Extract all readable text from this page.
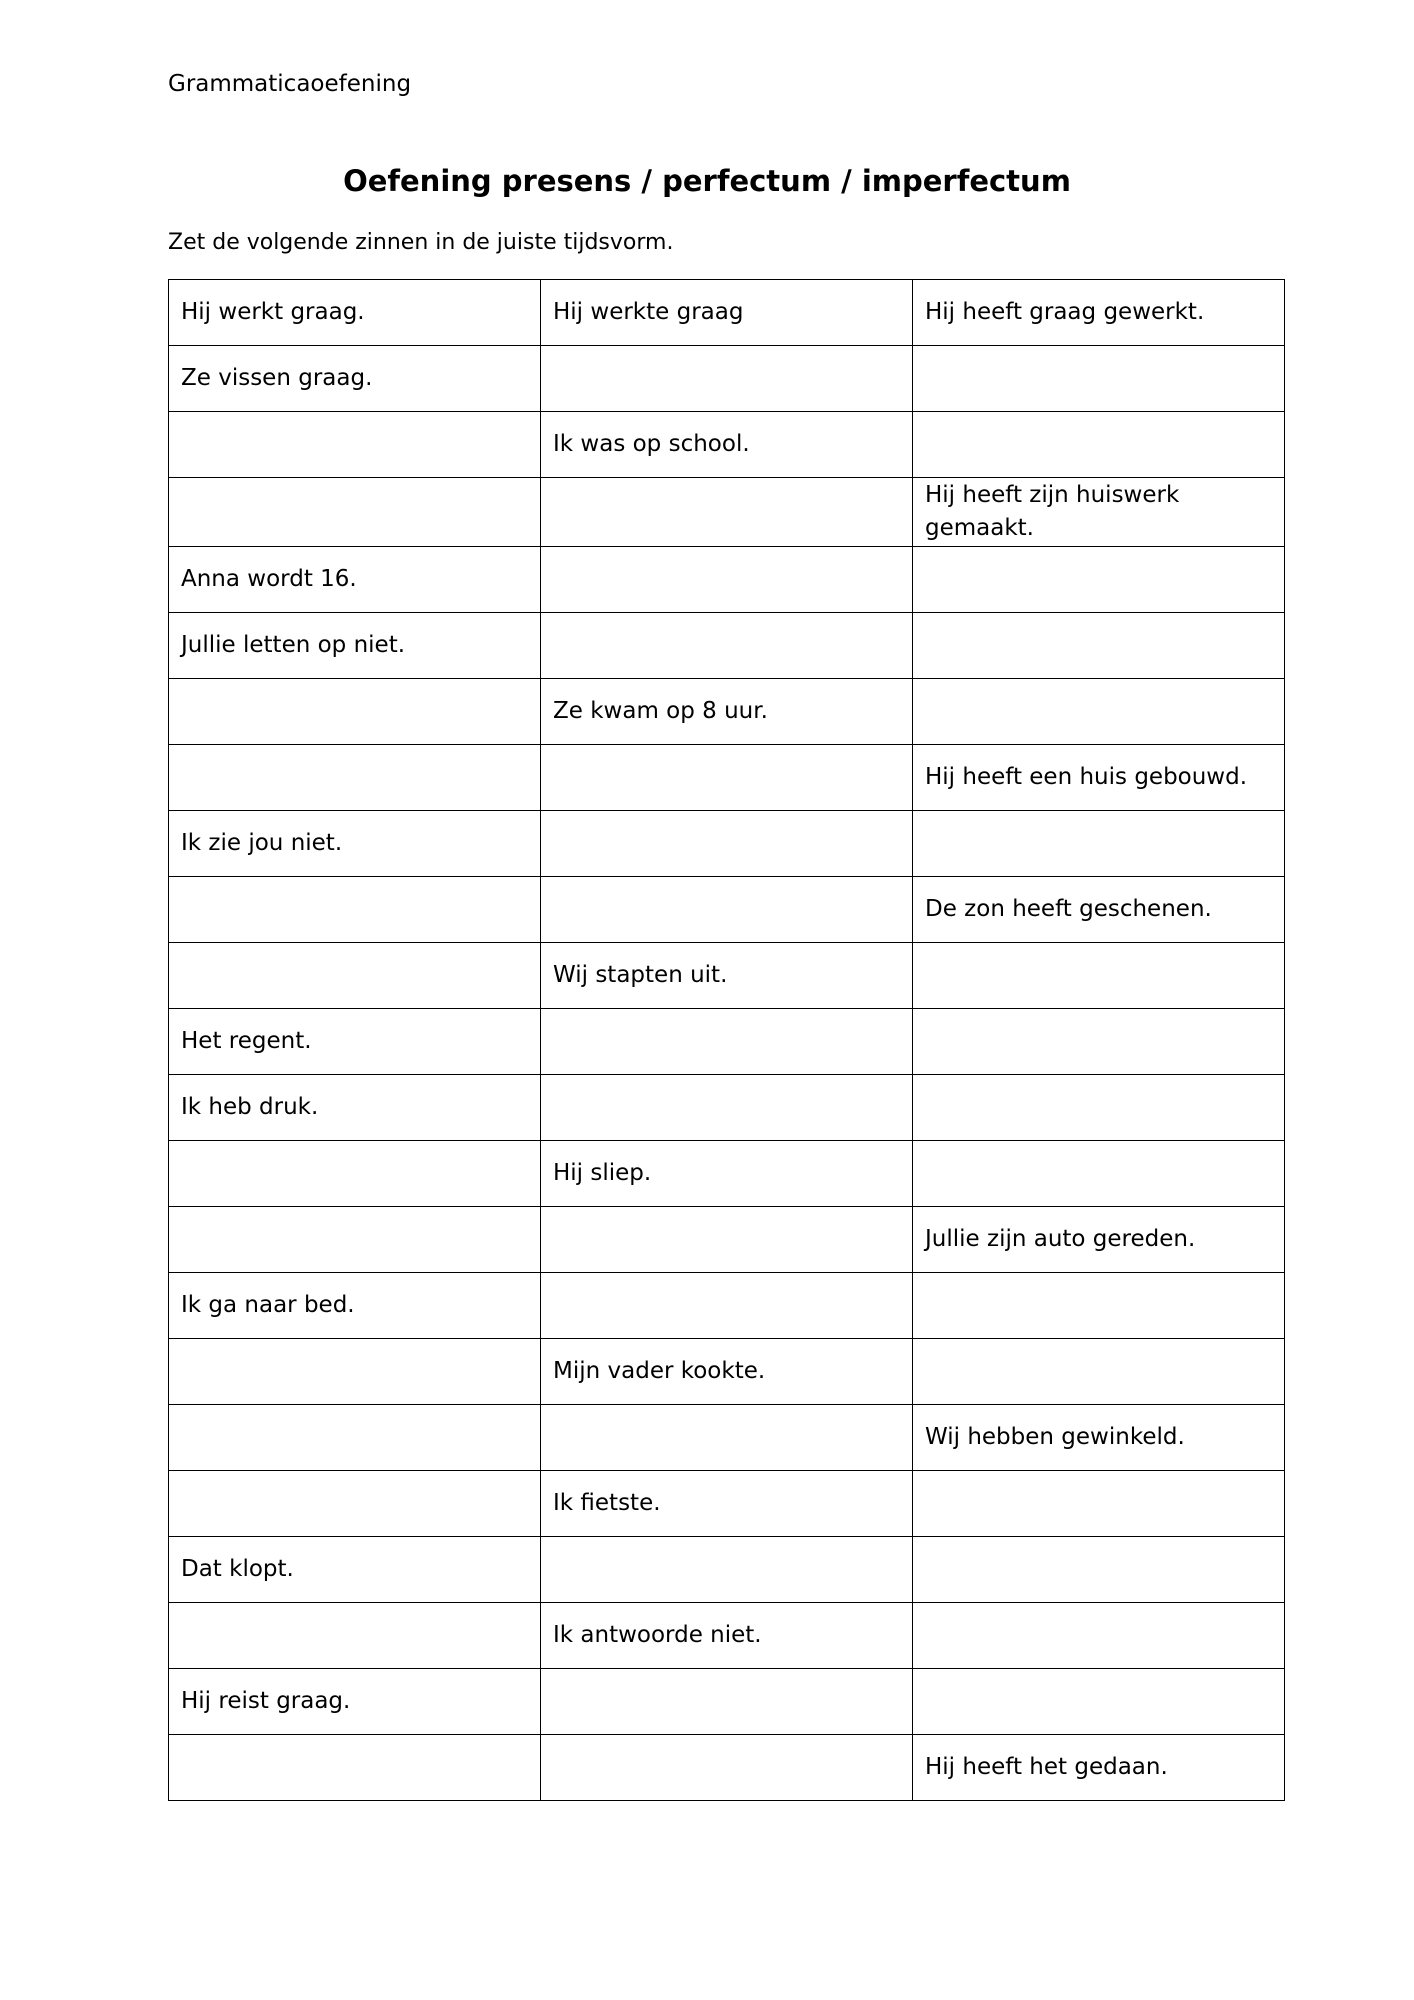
Grammaticaoefening
Oefening presens / perfectum / imperfectum
Zet de volgende zinnen in de juiste tijdsvorm.
Hij werkt graag.	Hij werkte graag	Hij heeft graag gewerkt.
Ze vissen graag.		
	Ik was op school.	
		Hij heeft zijn huiswerk gemaakt.
Anna wordt 16.		
Jullie letten op niet.		
	Ze kwam op 8 uur.	
		Hij heeft een huis gebouwd.
Ik zie jou niet.		
		De zon heeft geschenen.
	Wij stapten uit.	
Het regent.		
Ik heb druk.		
	Hij sliep.	
		Jullie zijn auto gereden.
Ik ga naar bed.		
	Mijn vader kookte.	
		Wij hebben gewinkeld.
	Ik fietste.	
Dat klopt.		
	Ik antwoorde niet.	
Hij reist graag.		
		Hij heeft het gedaan.
